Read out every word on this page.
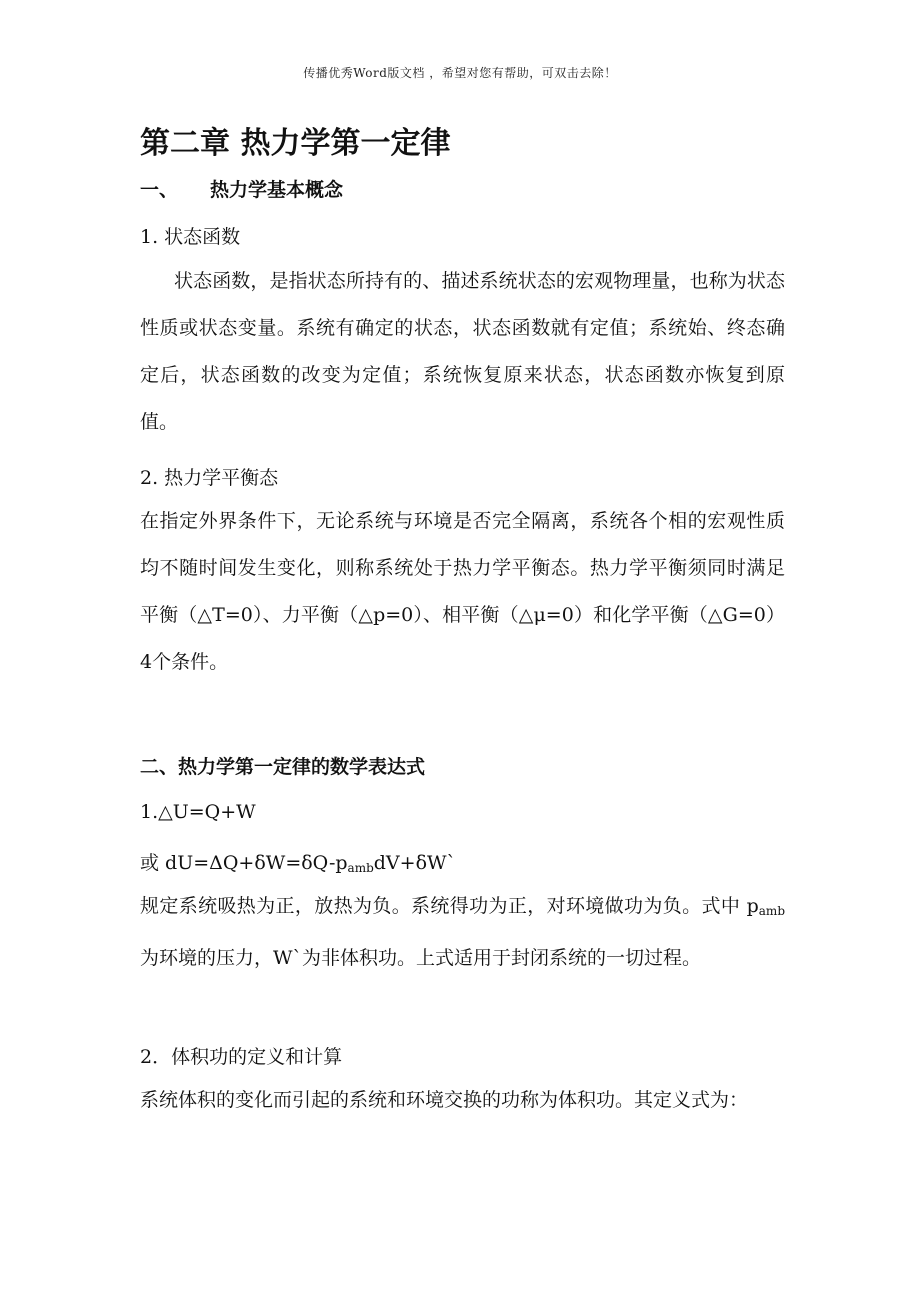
传播优秀Word版文档 ，希望对您有帮助，可双击去除！
第二章 热力学第一定律
一、 热力学基本概念
1. 状态函数
状态函数，是指状态所持有的、描述系统状态的宏观物理量，也称为状态性质或状态变量。系统有确定的状态，状态函数就有定值；系统始、终态确定后，状态函数的改变为定值；系统恢复原来状态，状态函数亦恢复到原值。
2. 热力学平衡态
在指定外界条件下，无论系统与环境是否完全隔离，系统各个相的宏观性质均不随时间发生变化，则称系统处于热力学平衡态。热力学平衡须同时满足平衡（△T=0）、力平衡（△p=0）、相平衡（△μ=0）和化学平衡（△G=0）4个条件。
二、热力学第一定律的数学表达式
1.△U=Q+W
或 $dU=\Delta Q+\delta W=\delta Q-p_{amb}dV+\delta W`$
规定系统吸热为正，放热为负。系统得功为正，对环境做功为负。式中 $p_{amb}$为环境的压力，W`为非体积功。上式适用于封闭系统的一切过程。
2．体积功的定义和计算
系统体积的变化而引起的系统和环境交换的功称为体积功。其定义式为：
